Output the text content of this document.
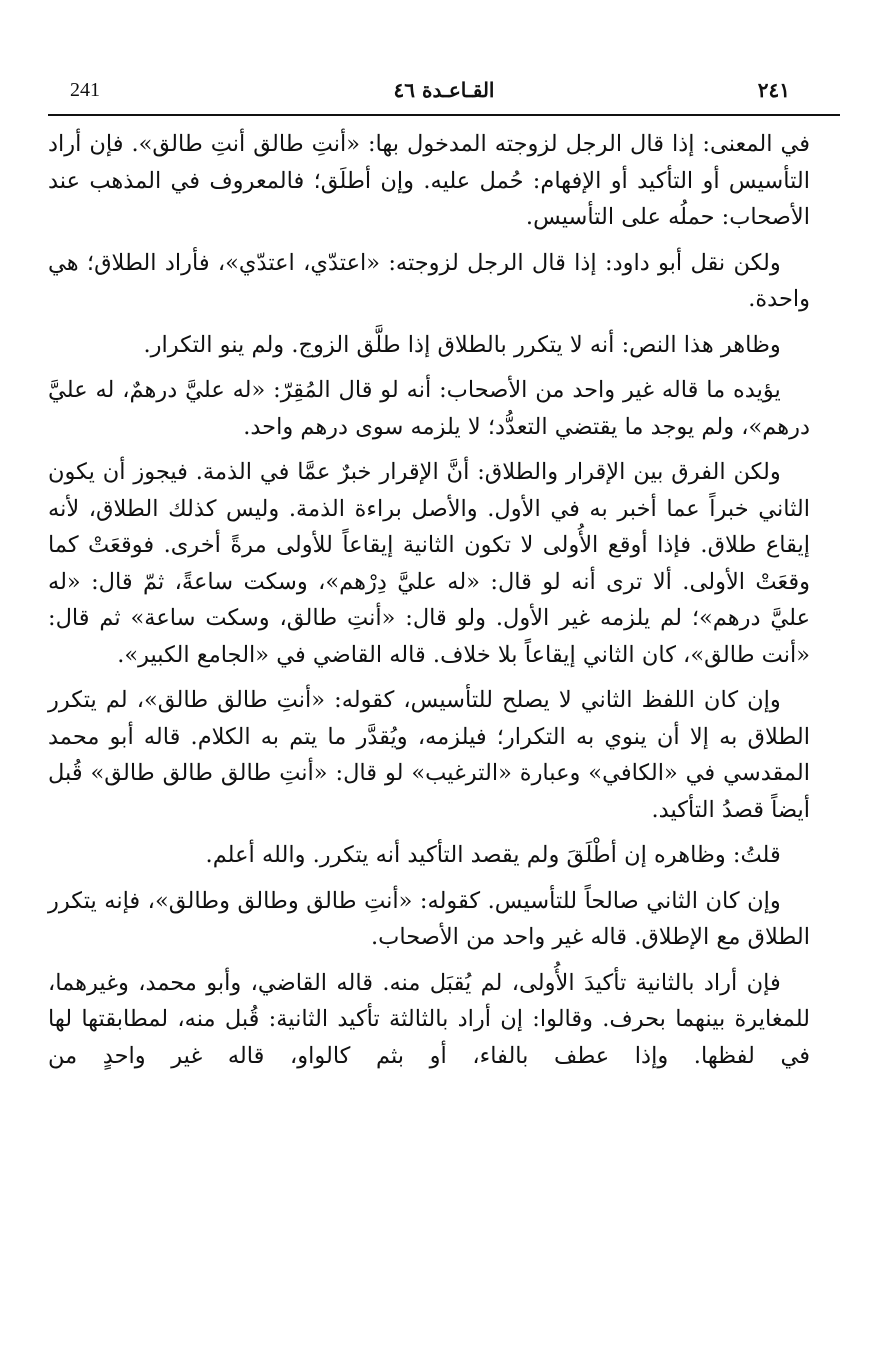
٢٤١
القـاعـدة ٤٦
241

في المعنى: إذا قال الرجل لزوجته المدخول بها: «أنتِ طالق أنتِ طالق». فإن أراد التأسيس أو التأكيد أو الإفهام: حُمل عليه. وإن أطلَق؛ فالمعروف في المذهب عند الأصحاب: حملُه على التأسيس.

ولكن نقل أبو داود: إذا قال الرجل لزوجته: «اعتدّي، اعتدّي»، فأراد الطلاق؛ هي واحدة.

وظاهر هذا النص: أنه لا يتكرر بالطلاق إذا طلَّق الزوج. ولم ينو التكرار.

يؤيده ما قاله غير واحد من الأصحاب: أنه لو قال المُقِرّ: «له عليَّ درهمٌ، له عليَّ درهم»، ولم يوجد ما يقتضي التعدُّد؛ لا يلزمه سوى درهم واحد.

ولكن الفرق بين الإقرار والطلاق: أنَّ الإقرار خبرٌ عمَّا في الذمة. فيجوز أن يكون الثاني خبراً عما أخبر به في الأول. والأصل براءة الذمة. وليس كذلك الطلاق، لأنه إيقاع طلاق. فإذا أوقع الأُولى لا تكون الثانية إيقاعاً للأولى مرةً أخرى. فوقعَتْ كما وقعَتْ الأولى. ألا ترى أنه لو قال: «له عليَّ دِرْهم»، وسكت ساعةً، ثمّ قال: «له عليَّ درهم»؛ لم يلزمه غير الأول. ولو قال: «أنتِ طالق، وسكت ساعة» ثم قال: «أنت طالق»، كان الثاني إيقاعاً بلا خلاف. قاله القاضي في «الجامع الكبير».

وإن كان اللفظ الثاني لا يصلح للتأسيس، كقوله: «أنتِ طالق طالق»، لم يتكرر الطلاق به إلا أن ينوي به التكرار؛ فيلزمه، ويُقدَّر ما يتم به الكلام. قاله أبو محمد المقدسي في «الكافي» وعبارة «الترغيب» لو قال: «أنتِ طالق طالق طالق» قُبل أيضاً قصدُ التأكيد.

قلتُ: وظاهره إن أطْلَقَ ولم يقصد التأكيد أنه يتكرر. والله أعلم.

وإن كان الثاني صالحاً للتأسيس. كقوله: «أنتِ طالق وطالق وطالق»، فإنه يتكرر الطلاق مع الإطلاق. قاله غير واحد من الأصحاب.

فإن أراد بالثانية تأكيدَ الأُولى، لم يُقبَل منه. قاله القاضي، وأبو محمد، وغيرهما، للمغايرة بينهما بحرف. وقالوا: إن أراد بالثالثة تأكيد الثانية: قُبل منه، لمطابقتها لها في لفظها. وإذا عطف بالفاء، أو بثم كالواو، قاله غير واحدٍ من
